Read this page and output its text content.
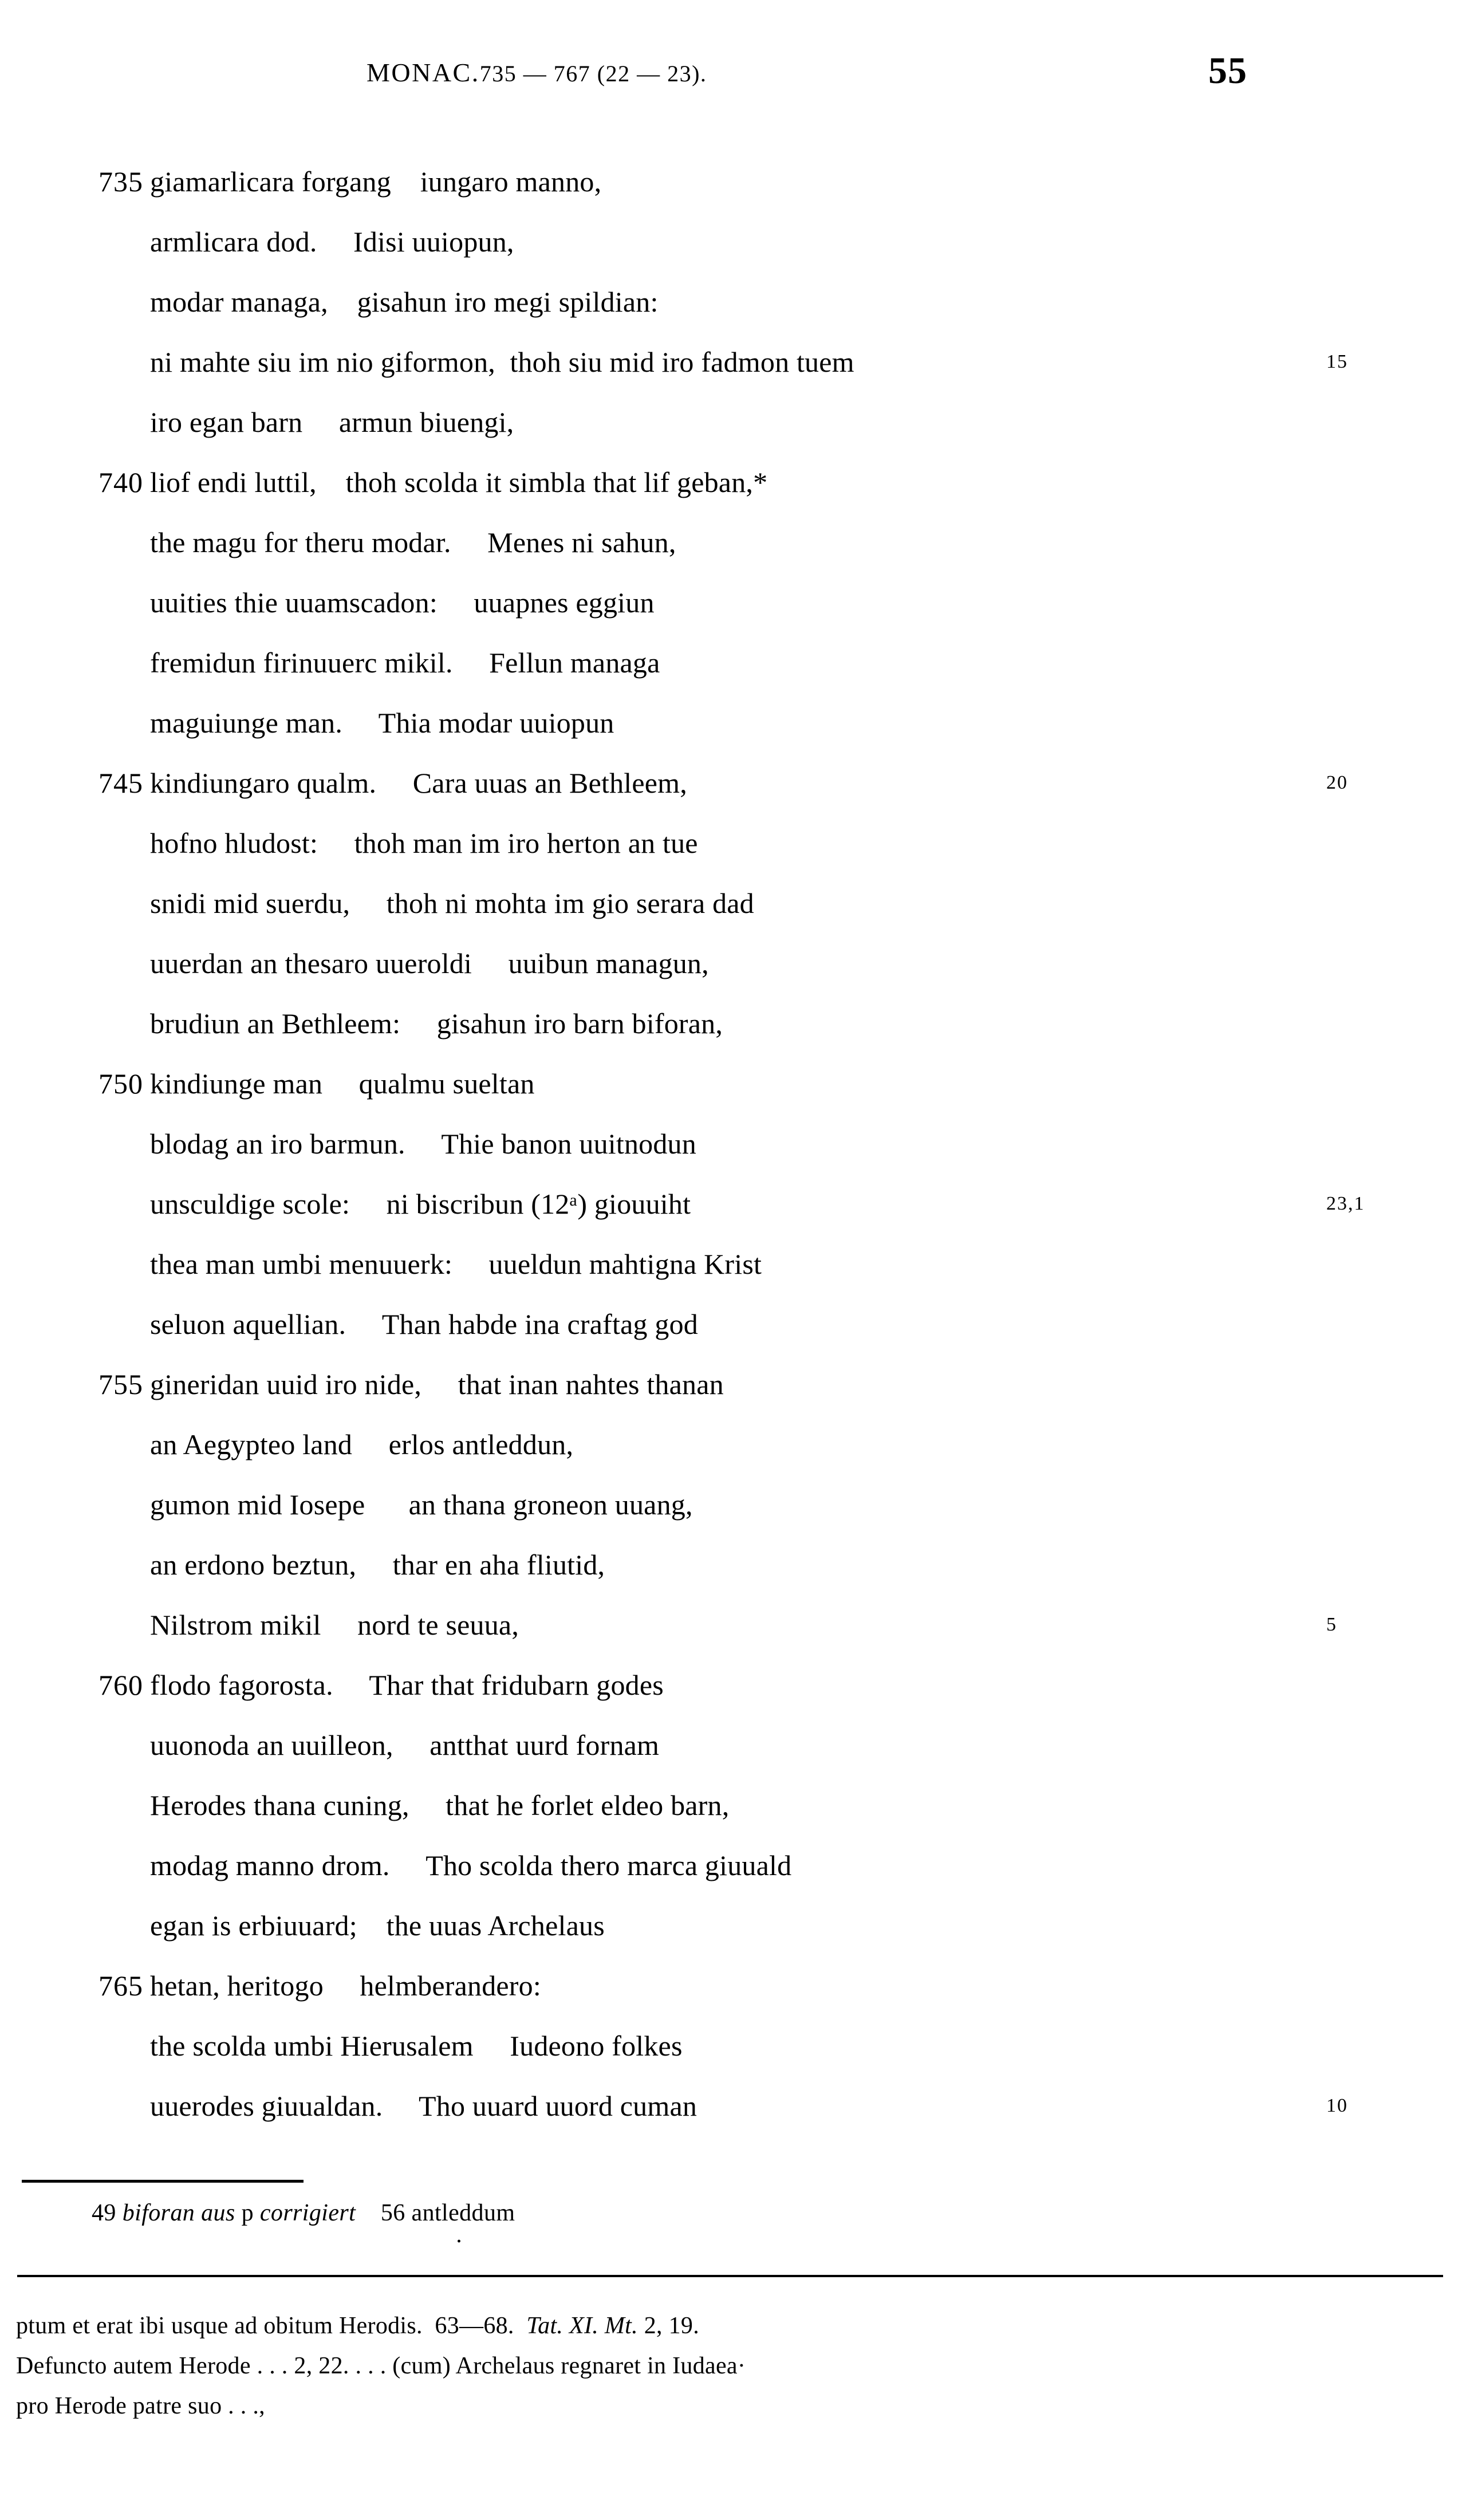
MONAC.735 — 767 (22 — 23).	55
735 giamarlicara forgang    iungaro manno,
armlicara dod.     Idisi uuiopun,
modar managa,    gisahun iro megi spildian:
ni mahte siu im nio giformon,  thoh siu mid iro fadmon tuem	15
iro egan barn     armun biuengi,
740 liof endi luttil,    thoh scolda it simbla that lif geban,*
the magu for theru modar.     Menes ni sahun,
uuities thie uuamscadon:     uuapnes eggiun
fremidun firinuuerc mikil.     Fellun managa
maguiunge man.     Thia modar uuiopun
745 kindiungaro qualm.     Cara uuas an Bethleem,	20
hofno hludost:     thoh man im iro herton an tue
snidi mid suerdu,     thoh ni mohta im gio serara dad
uuerdan an thesaro uueroldi     uuibun managun,
brudiun an Bethleem:     gisahun iro barn biforan,
750 kindiunge man     qualmu sueltan
blodag an iro barmun.     Thie banon uuitnodun
unsculdige scole:     ni biscribun (12ᵃ) giouuiht	23,1
thea man umbi menuuerk:     uueldun mahtigna Krist
seluon aquellian.     Than habde ina craftag god
755 gineridan uuid iro nide,     that inan nahtes thanan
an Aegypteo land     erlos antleddun,
gumon mid Iosepe      an thana groneon uuang,
an erdono beztun,     thar en aha fliutid,
Nilstrom mikil     nord te seuua,	5
760 flodo fagorosta.     Thar that fridubarn godes
uuonoda an uuilleon,     antthat uurd fornam
Herodes thana cuning,     that he forlet eldeo barn,
modag manno drom.     Tho scolda thero marca giuuald
egan is erbiuuard;    the uuas Archelaus
765 hetan, heritogo     helmberandero:
the scolda umbi Hierusalem     Iudeono folkes
uuerodes giuualdan.     Tho uuard uuord cuman	10
49 biforan aus p corrigiert 56 antleddum ·
ptum et erat ibi usque ad obitum Herodis.  63—68.  Tat. XI. Mt. 2, 19.
Defuncto autem Herode . . . 2, 22. . . . (cum) Archelaus regnaret in Iudaea·
pro Herode patre suo . . .,
